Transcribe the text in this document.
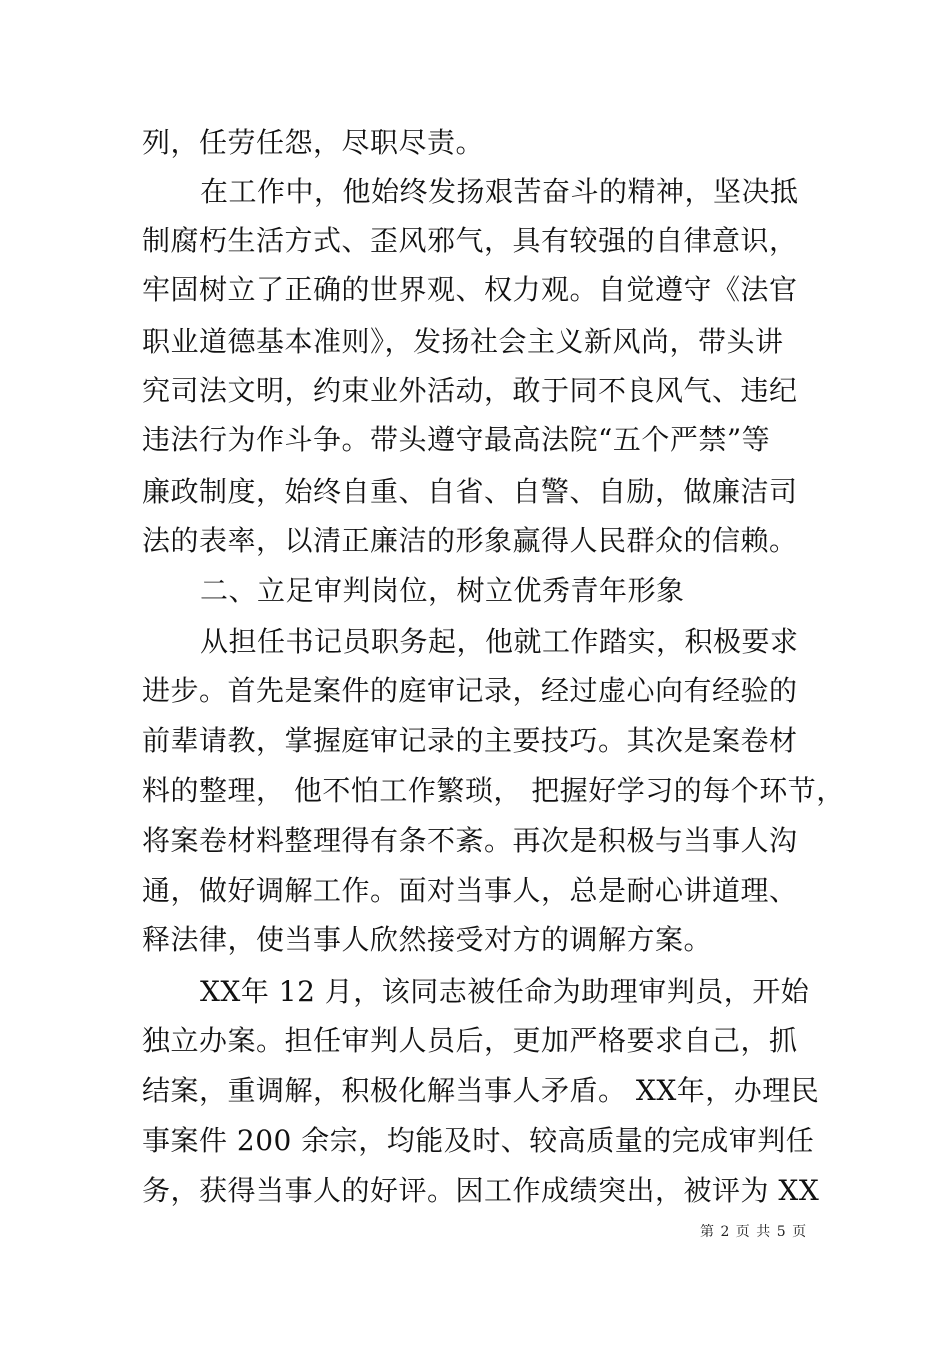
列，任劳任怨，尽职尽责。
在工作中，他始终发扬艰苦奋斗的精神，坚决抵
制腐朽生活方式、歪风邪气，具有较强的自律意识，
牢固树立了正确的世界观、权力观。自觉遵守《法官
职业道德基本准则》，发扬社会主义新风尚，带头讲
究司法文明，约束业外活动，敢于同不良风气、违纪
违法行为作斗争。带头遵守最高法院“五个严禁”等
廉政制度，始终自重、自省、自警、自励，做廉洁司
法的表率，以清正廉洁的形象赢得人民群众的信赖。
二、立足审判岗位，树立优秀青年形象
从担任书记员职务起，他就工作踏实，积极要求
进步。首先是案件的庭审记录，经过虚心向有经验的
前辈请教，掌握庭审记录的主要技巧。其次是案卷材
料的整理， 他不怕工作繁琐， 把握好学习的每个环节，
将案卷材料整理得有条不紊。再次是积极与当事人沟
通，做好调解工作。面对当事人，总是耐心讲道理、
释法律，使当事人欣然接受对方的调解方案。
XX年 12 月，该同志被任命为助理审判员，开始
独立办案。担任审判人员后，更加严格要求自己，抓
结案，重调解，积极化解当事人矛盾。 XX年，办理民
事案件 200 余宗，均能及时、较高质量的完成审判任
务，获得当事人的好评。因工作成绩突出，被评为 XX
第 2 页 共 5 页
